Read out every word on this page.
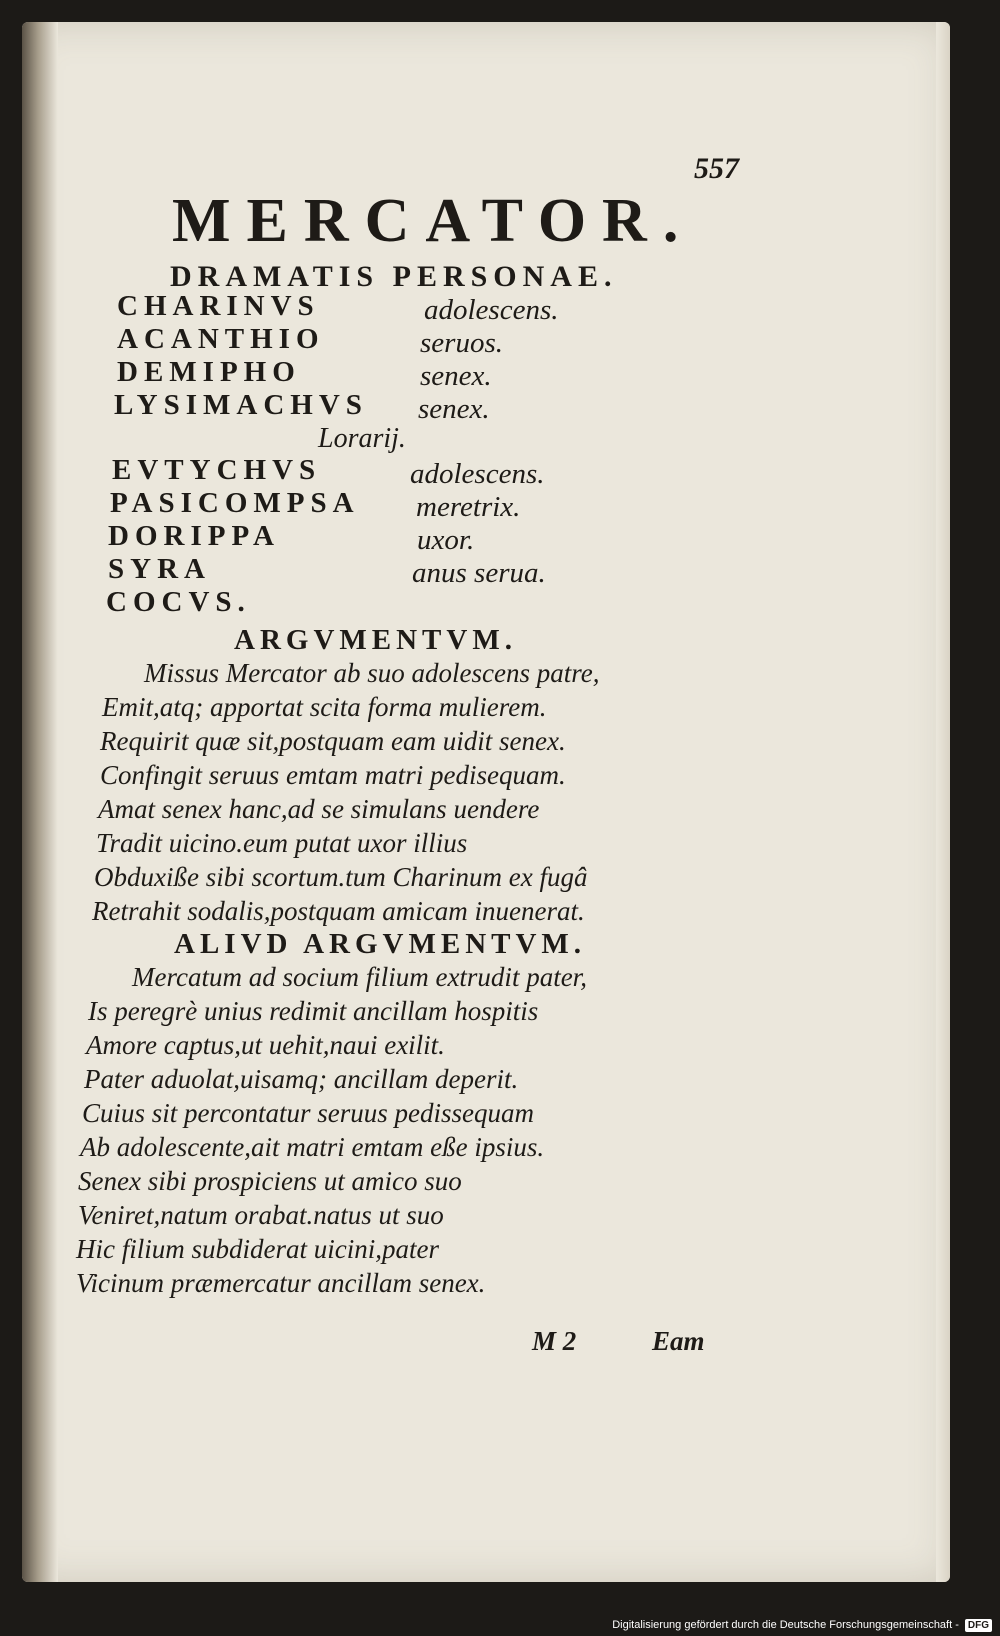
557
MERCATOR.
DRAMATIS PERSONAE.
CHARINVS	adolescens.
ACANTHIO	seruos.
DEMIPHO	senex.
LYSIMACHVS senex.
Lorarij.
EVTYCHVS	adolescens.
PASICOMPSA meretrix.
DORIPPA	uxor.
SYRA	anus serua.
COCVS.
ARGVMENTVM.
Missus Mercator ab suo adolescens patre,
Emit,atq; apportat scita forma mulierem.
Requirit quæ sit,postquam eam uidit senex.
Confingit seruus emtam matri pedisequam.
Amat senex hanc,ad se simulans uendere
Tradit uicino.eum putat uxor illius
Obduxiße sibi scortum.tum Charinum ex fugâ
Retrahit sodalis,postquam amicam inuenerat.
ALIVD ARGVMENTVM.
Mercatum ad socium filium extrudit pater,
Is peregrè unius redimit ancillam hospitis
Amore captus,ut uehit,naui exilit.
Pater aduolat,uisamq; ancillam deperit.
Cuius sit percontatur seruus pedissequam
Ab adolescente,ait matri emtam eße ipsius.
Senex sibi prospiciens ut amico suo
Veniret,natum orabat.natus ut suo
Hic filium subdiderat uicini,pater
Vicinum præmercatur ancillam senex.
M 2	Eam
Digitalisierung gefördert durch die Deutsche Forschungsgemeinschaft - DFG
